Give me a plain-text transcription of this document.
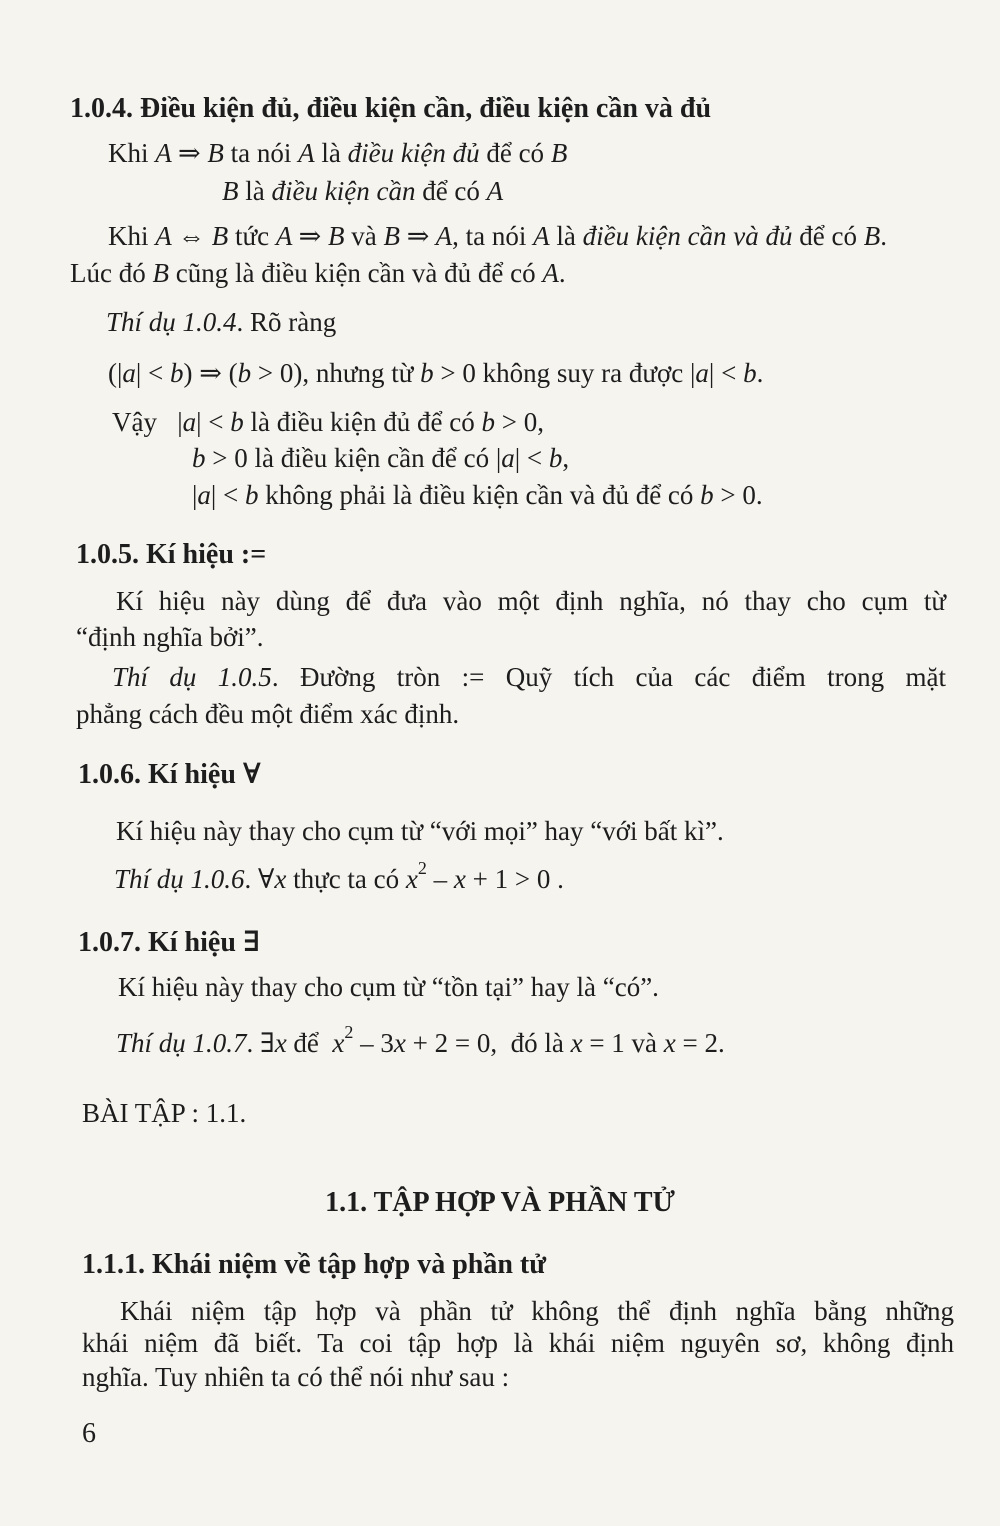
1.0.4. Điều kiện đủ, điều kiện cần, điều kiện cần và đủ
Khi A ⇒ B ta nói A là điều kiện đủ để có B
B là điều kiện cần để có A
Khi A ⇔ B tức A ⇒ B và B ⇒ A, ta nói A là điều kiện cần và đủ để có B.
Lúc đó B cũng là điều kiện cần và đủ để có A.
Thí dụ 1.0.4. Rõ ràng
(|a| < b) ⇒ (b > 0), nhưng từ b > 0 không suy ra được |a| < b.
Vậy   |a| < b là điều kiện đủ để có b > 0,
b > 0 là điều kiện cần để có |a| < b,
|a| < b không phải là điều kiện cần và đủ để có b > 0.
1.0.5. Kí hiệu :=
Kí hiệu này dùng để đưa vào một định nghĩa, nó thay cho cụm từ
“định nghĩa bởi”.
Thí dụ 1.0.5. Đường tròn := Quỹ tích của các điểm trong mặt
phẳng cách đều một điểm xác định.
1.0.6. Kí hiệu ∀
Kí hiệu này thay cho cụm từ “với mọi” hay “với bất kì”.
Thí dụ 1.0.6. ∀x thực ta có $x^2 - x + 1 > 0$ .
1.0.7. Kí hiệu ∃
Kí hiệu này thay cho cụm từ “tồn tại” hay là “có”.
Thí dụ 1.0.7. ∃x để  $x^2 - 3x + 2 = 0$,  đó là x = 1 và x = 2.
BÀI TẬP : 1.1.
1.1. TẬP HỢP VÀ PHẦN TỬ
1.1.1. Khái niệm về tập hợp và phần tử
Khái niệm tập hợp và phần tử không thể định nghĩa bằng những
khái niệm đã biết. Ta coi tập hợp là khái niệm nguyên sơ, không định
nghĩa. Tuy nhiên ta có thể nói như sau :
6
